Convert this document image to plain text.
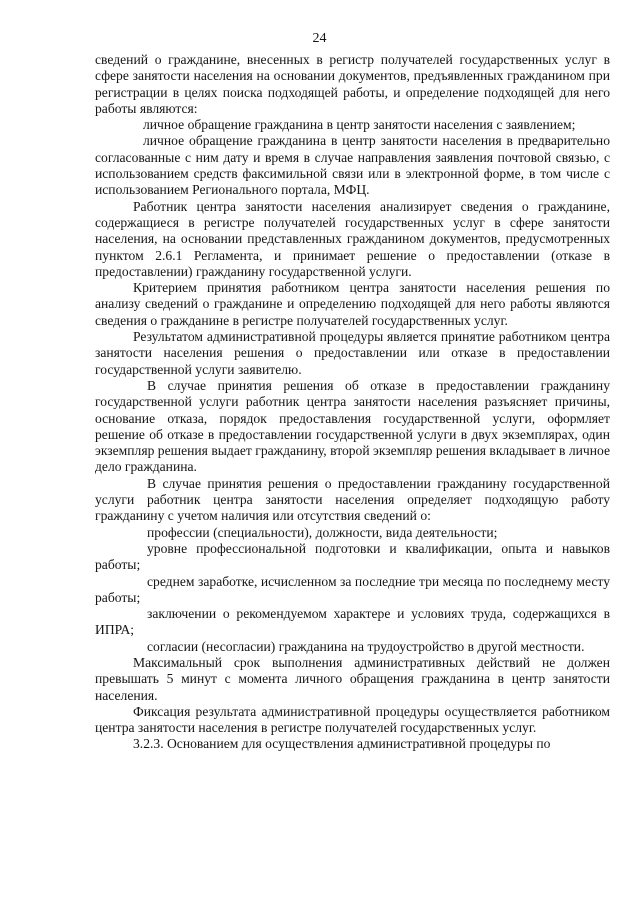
24

сведений о гражданине, внесенных в регистр получателей государственных услуг в сфере занятости населения на основании документов, предъявленных гражданином при регистрации в целях поиска подходящей работы, и определение подходящей для него работы являются:

личное обращение гражданина в центр занятости населения с заявлением;

личное обращение гражданина в центр занятости населения в предварительно согласованные с ним дату и время в случае направления заявления почтовой связью, с использованием средств факсимильной связи или в электронной форме, в том числе с использованием Регионального портала, МФЦ.

Работник центра занятости населения анализирует сведения о гражданине, содержащиеся в регистре получателей государственных услуг в сфере занятости населения, на основании представленных гражданином документов, предусмотренных пунктом 2.6.1 Регламента, и принимает решение о предоставлении (отказе в предоставлении) гражданину государственной услуги.

Критерием принятия работником центра занятости населения решения по анализу сведений о гражданине и определению подходящей для него работы являются сведения о гражданине в регистре получателей государственных услуг.

Результатом административной процедуры является принятие работником центра занятости населения решения о предоставлении или отказе в предоставлении государственной услуги заявителю.

В случае принятия решения об отказе в предоставлении гражданину государственной услуги работник центра занятости населения разъясняет причины, основание отказа, порядок предоставления государственной услуги, оформляет решение об отказе в предоставлении государственной услуги в двух экземплярах, один экземпляр решения выдает гражданину, второй экземпляр решения вкладывает в личное дело гражданина.

В случае принятия решения о предоставлении гражданину государственной услуги работник центра занятости населения определяет подходящую работу гражданину с учетом наличия или отсутствия сведений о:

профессии (специальности), должности, вида деятельности;

уровне профессиональной подготовки и квалификации, опыта и навыков работы;

среднем заработке, исчисленном за последние три месяца по последнему месту работы;

заключении о рекомендуемом характере и условиях труда, содержащихся в ИПРА;

согласии (несогласии) гражданина на трудоустройство в другой местности.

Максимальный срок выполнения административных действий не должен превышать 5 минут с момента личного обращения гражданина в центр занятости населения.

Фиксация результата административной процедуры осуществляется работником центра занятости населения в регистре получателей государственных услуг.

3.2.3. Основанием для осуществления административной процедуры по
